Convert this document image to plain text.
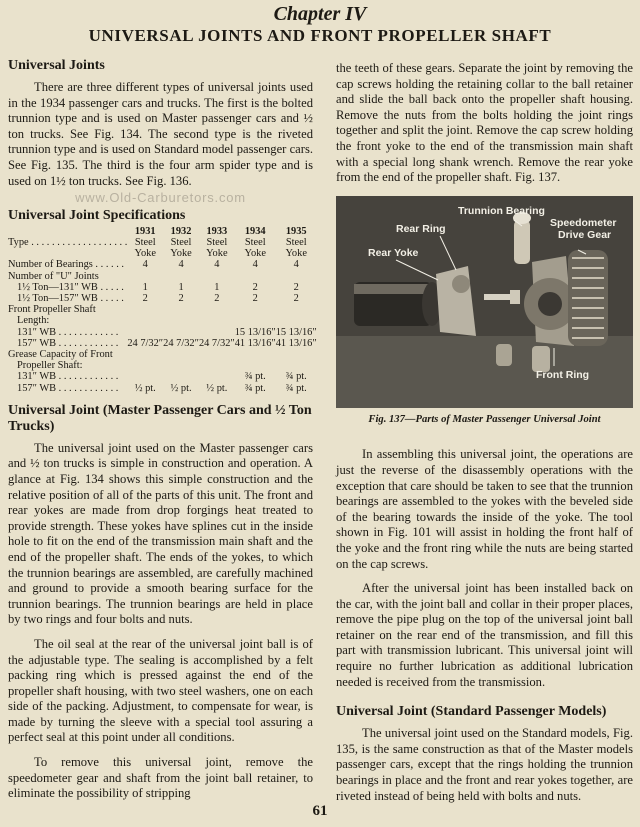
Chapter IV
UNIVERSAL JOINTS AND FRONT PROPELLER SHAFT
Universal Joints

There are three different types of universal joints used in the 1934 passenger cars and trucks. The first is the bolted trunnion type and is used on Master passenger cars and ½ ton trucks. See Fig. 134. The second type is the riveted trunnion type and is used on Standard model passenger cars. See Fig. 135. The third is the four arm spider type and is used on 1½ ton trucks. See Fig. 136.

www.Old-Carburetors.com
Universal Joint Specifications
	1931	1932	1933	1934	1935
Type . . . . . . . . . . . . . . . . . . .	Steel	Steel	Steel	Steel	Steel
	Yoke	Yoke	Yoke	Yoke	Yoke
Number of Bearings . . . . . .	4	4	4	4	4
Number of "U" Joints					
1½ Ton—131″ WB . . . . .	1	1	1	2	2
1½ Ton—157″ WB . . . . .	2	2	2	2	2
Front Propeller Shaft					
Length:					
131″ WB . . . . . . . . . . . .				15 13/16″	15 13/16″
157″ WB . . . . . . . . . . . .	24 7/32″	24 7/32″	24 7/32″	41 13/16″	41 13/16″
Grease Capacity of Front					
Propeller Shaft:					
131″ WB . . . . . . . . . . . .				¾ pt.	¾ pt.
157″ WB . . . . . . . . . . . .	½ pt.	½ pt.	½ pt.	¾ pt.	¾ pt.
Universal Joint (Master Passenger Cars and ½ Ton Trucks)

The universal joint used on the Master passenger cars and ½ ton trucks is simple in construction and operation. A glance at Fig. 134 shows this simple construction and the relative position of all of the parts of this unit. The front and rear yokes are made from drop forgings heat treated to provide strength. These yokes have splines cut in the inside hole to fit on the end of the transmission main shaft and the end of the propeller shaft. The ends of the yokes, to which the trunnion bearings are assembled, are carefully machined and ground to provide a smooth bearing surface for the trunnion bearings. The trunnion bearings are held in place by two rings and four bolts and nuts.

The oil seal at the rear of the universal joint ball is of the adjustable type. The sealing is accomplished by a felt packing ring which is pressed against the end of the propeller shaft housing, with two steel washers, one on each side of the packing. Adjustment, to compensate for wear, is made by turning the sleeve with a special tool assuring a perfect seal at this point under all conditions.

To remove this universal joint, remove the speedometer gear and shaft from the joint ball retainer, to eliminate the possibility of stripping

the teeth of these gears. Separate the joint by removing the cap screws holding the retaining collar to the ball retainer and slide the ball back onto the propeller shaft housing. Remove the nuts from the bolts holding the joint rings together and split the joint. Remove the cap screw holding the front yoke to the end of the transmission main shaft with a special long shank wrench. Remove the rear yoke from the end of the propeller shaft. Fig. 137.

Trunnion Bearing
Rear Ring	Speedometer
Drive Gear
Rear Yoke
Front Ring
Fig. 137—Parts of Master Passenger Universal Joint

In assembling this universal joint, the operations are just the reverse of the disassembly operations with the exception that care should be taken to see that the trunnion bearings are assembled to the yokes with the beveled side of the bearing towards the inside of the yoke. The tool shown in Fig. 101 will assist in holding the front half of the yoke and the front ring while the nuts are being started on the cap screws.

After the universal joint has been installed back on the car, with the joint ball and collar in their proper places, remove the pipe plug on the top of the universal joint ball retainer on the rear end of the transmission, and fill this part with transmission lubricant. This universal joint will require no further lubrication as additional lubrication needed is received from the transmission.

Universal Joint (Standard Passenger Models)

The universal joint used on the Standard models, Fig. 135, is the same construction as that of the Master models passenger cars, except that the rings holding the trunnion bearings in place and the front and rear yokes together, are riveted instead of being held with bolts and nuts.

61
